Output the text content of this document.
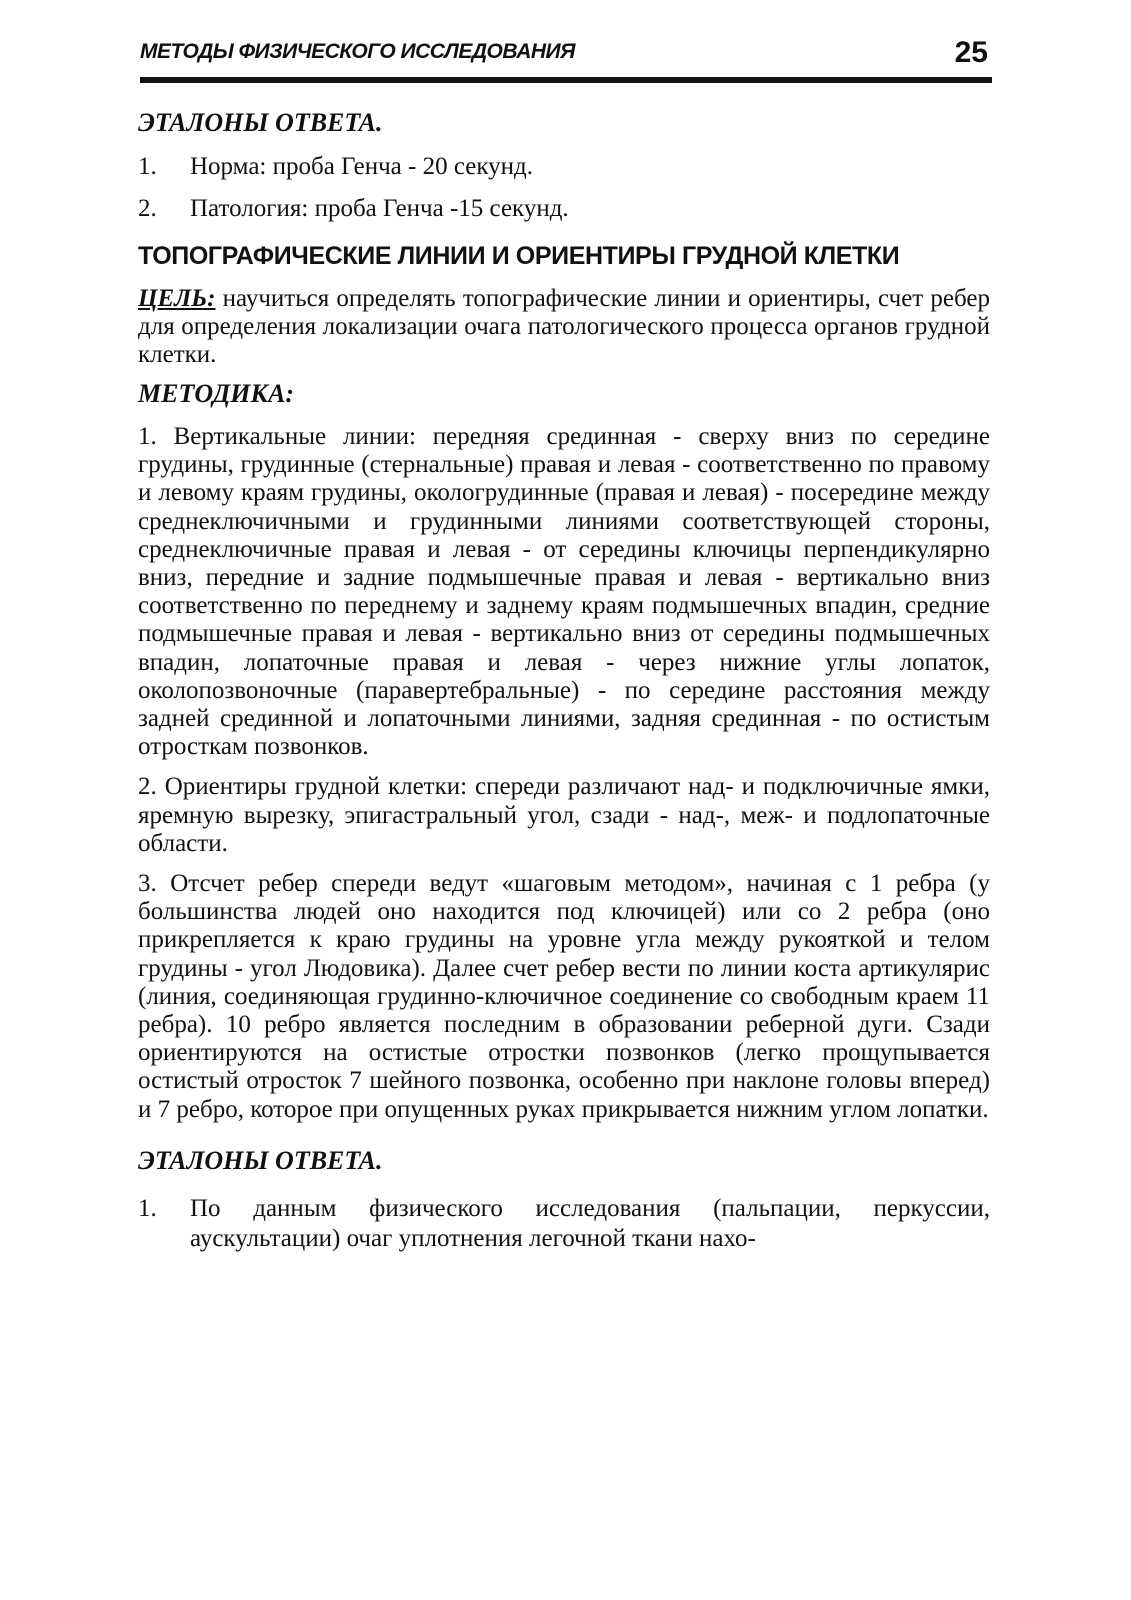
МЕТОДЫ ФИЗИЧЕСКОГО ИССЛЕДОВАНИЯ	25
ЭТАЛОНЫ ОТВЕТА.
1. Норма: проба Генча - 20 секунд.
2. Патология: проба Генча -15 секунд.
ТОПОГРАФИЧЕСКИЕ ЛИНИИ И ОРИЕНТИРЫ ГРУДНОЙ КЛЕТКИ

ЦЕЛЬ: научиться определять топографические линии и ориентиры, счет ребер для определения локализации очага патологического процесса органов грудной клетки.

МЕТОДИКА:

1. Вертикальные линии: передняя срединная - сверху вниз по середине грудины, грудинные (стернальные) правая и левая - соответственно по правому и левому краям грудины, окологрудинные (правая и левая) - посередине между среднеключичными и грудинными линиями соответствующей стороны, среднеключичные правая и левая - от середины ключицы перпендикулярно вниз, передние и задние подмышечные правая и левая - вертикально вниз соответственно по переднему и заднему краям подмышечных впадин, средние подмышечные правая и левая - вертикально вниз от середины подмышечных впадин, лопаточные правая и левая - через нижние углы лопаток, околопозвоночные (паравертебральные) - по середине расстояния между задней срединной и лопаточными линиями, задняя срединная - по остистым отросткам позвонков.

2. Ориентиры грудной клетки: спереди различают над- и подключичные ямки, яремную вырезку, эпигастральный угол, сзади - над-, меж- и подлопаточные области.

3. Отсчет ребер спереди ведут «шаговым методом», начиная с 1 ребра (у большинства людей оно находится под ключицей) или со 2 ребра (оно прикрепляется к краю грудины на уровне угла между рукояткой и телом грудины - угол Людовика). Далее счет ребер вести по линии коста артикулярис (линия, соединяющая грудинно-ключичное соединение со свободным краем 11 ребра). 10 ребро является последним в образовании реберной дуги. Сзади ориентируются на остистые отростки позвонков (легко прощупывается остистый отросток 7 шейного позвонка, особенно при наклоне головы вперед) и 7 ребро, которое при опущенных руках прикрывается нижним углом лопатки.

ЭТАЛОНЫ ОТВЕТА.
1. По данным физического исследования (пальпации, перкуссии, аускультации) очаг уплотнения легочной ткани нахо-
